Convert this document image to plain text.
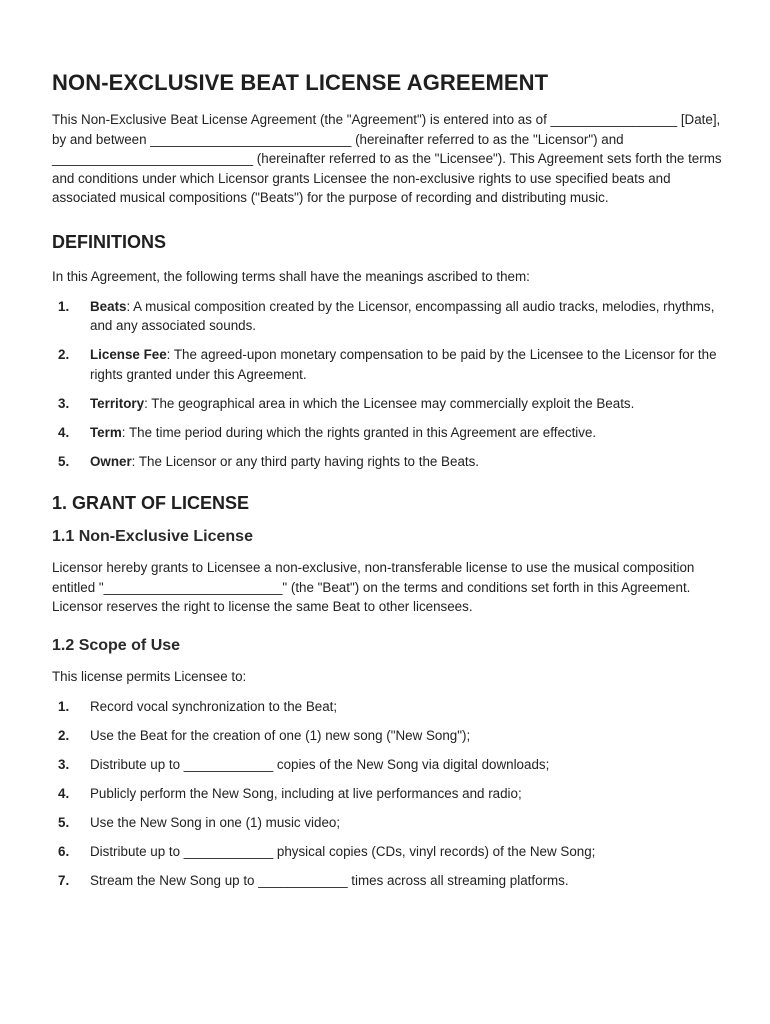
NON-EXCLUSIVE BEAT LICENSE AGREEMENT

This Non-Exclusive Beat License Agreement (the "Agreement") is entered into as of _________________ [Date], by and between ___________________________ (hereinafter referred to as the "Licensor") and ___________________________ (hereinafter referred to as the "Licensee"). This Agreement sets forth the terms and conditions under which Licensor grants Licensee the non-exclusive rights to use specified beats and associated musical compositions ("Beats") for the purpose of recording and distributing music.

DEFINITIONS

In this Agreement, the following terms shall have the meanings ascribed to them:

1. Beats: A musical composition created by the Licensor, encompassing all audio tracks, melodies, rhythms, and any associated sounds.
2. License Fee: The agreed-upon monetary compensation to be paid by the Licensee to the Licensor for the rights granted under this Agreement.
3. Territory: The geographical area in which the Licensee may commercially exploit the Beats.
4. Term: The time period during which the rights granted in this Agreement are effective.
5. Owner: The Licensor or any third party having rights to the Beats.
1. GRANT OF LICENSE
1.1 Non-Exclusive License

Licensor hereby grants to Licensee a non-exclusive, non-transferable license to use the musical composition entitled "________________________" (the "Beat") on the terms and conditions set forth in this Agreement. Licensor reserves the right to license the same Beat to other licensees.

1.2 Scope of Use

This license permits Licensee to:

1. Record vocal synchronization to the Beat;
2. Use the Beat for the creation of one (1) new song ("New Song");
3. Distribute up to ____________ copies of the New Song via digital downloads;
4. Publicly perform the New Song, including at live performances and radio;
5. Use the New Song in one (1) music video;
6. Distribute up to ____________ physical copies (CDs, vinyl records) of the New Song;
7. Stream the New Song up to ____________ times across all streaming platforms.
